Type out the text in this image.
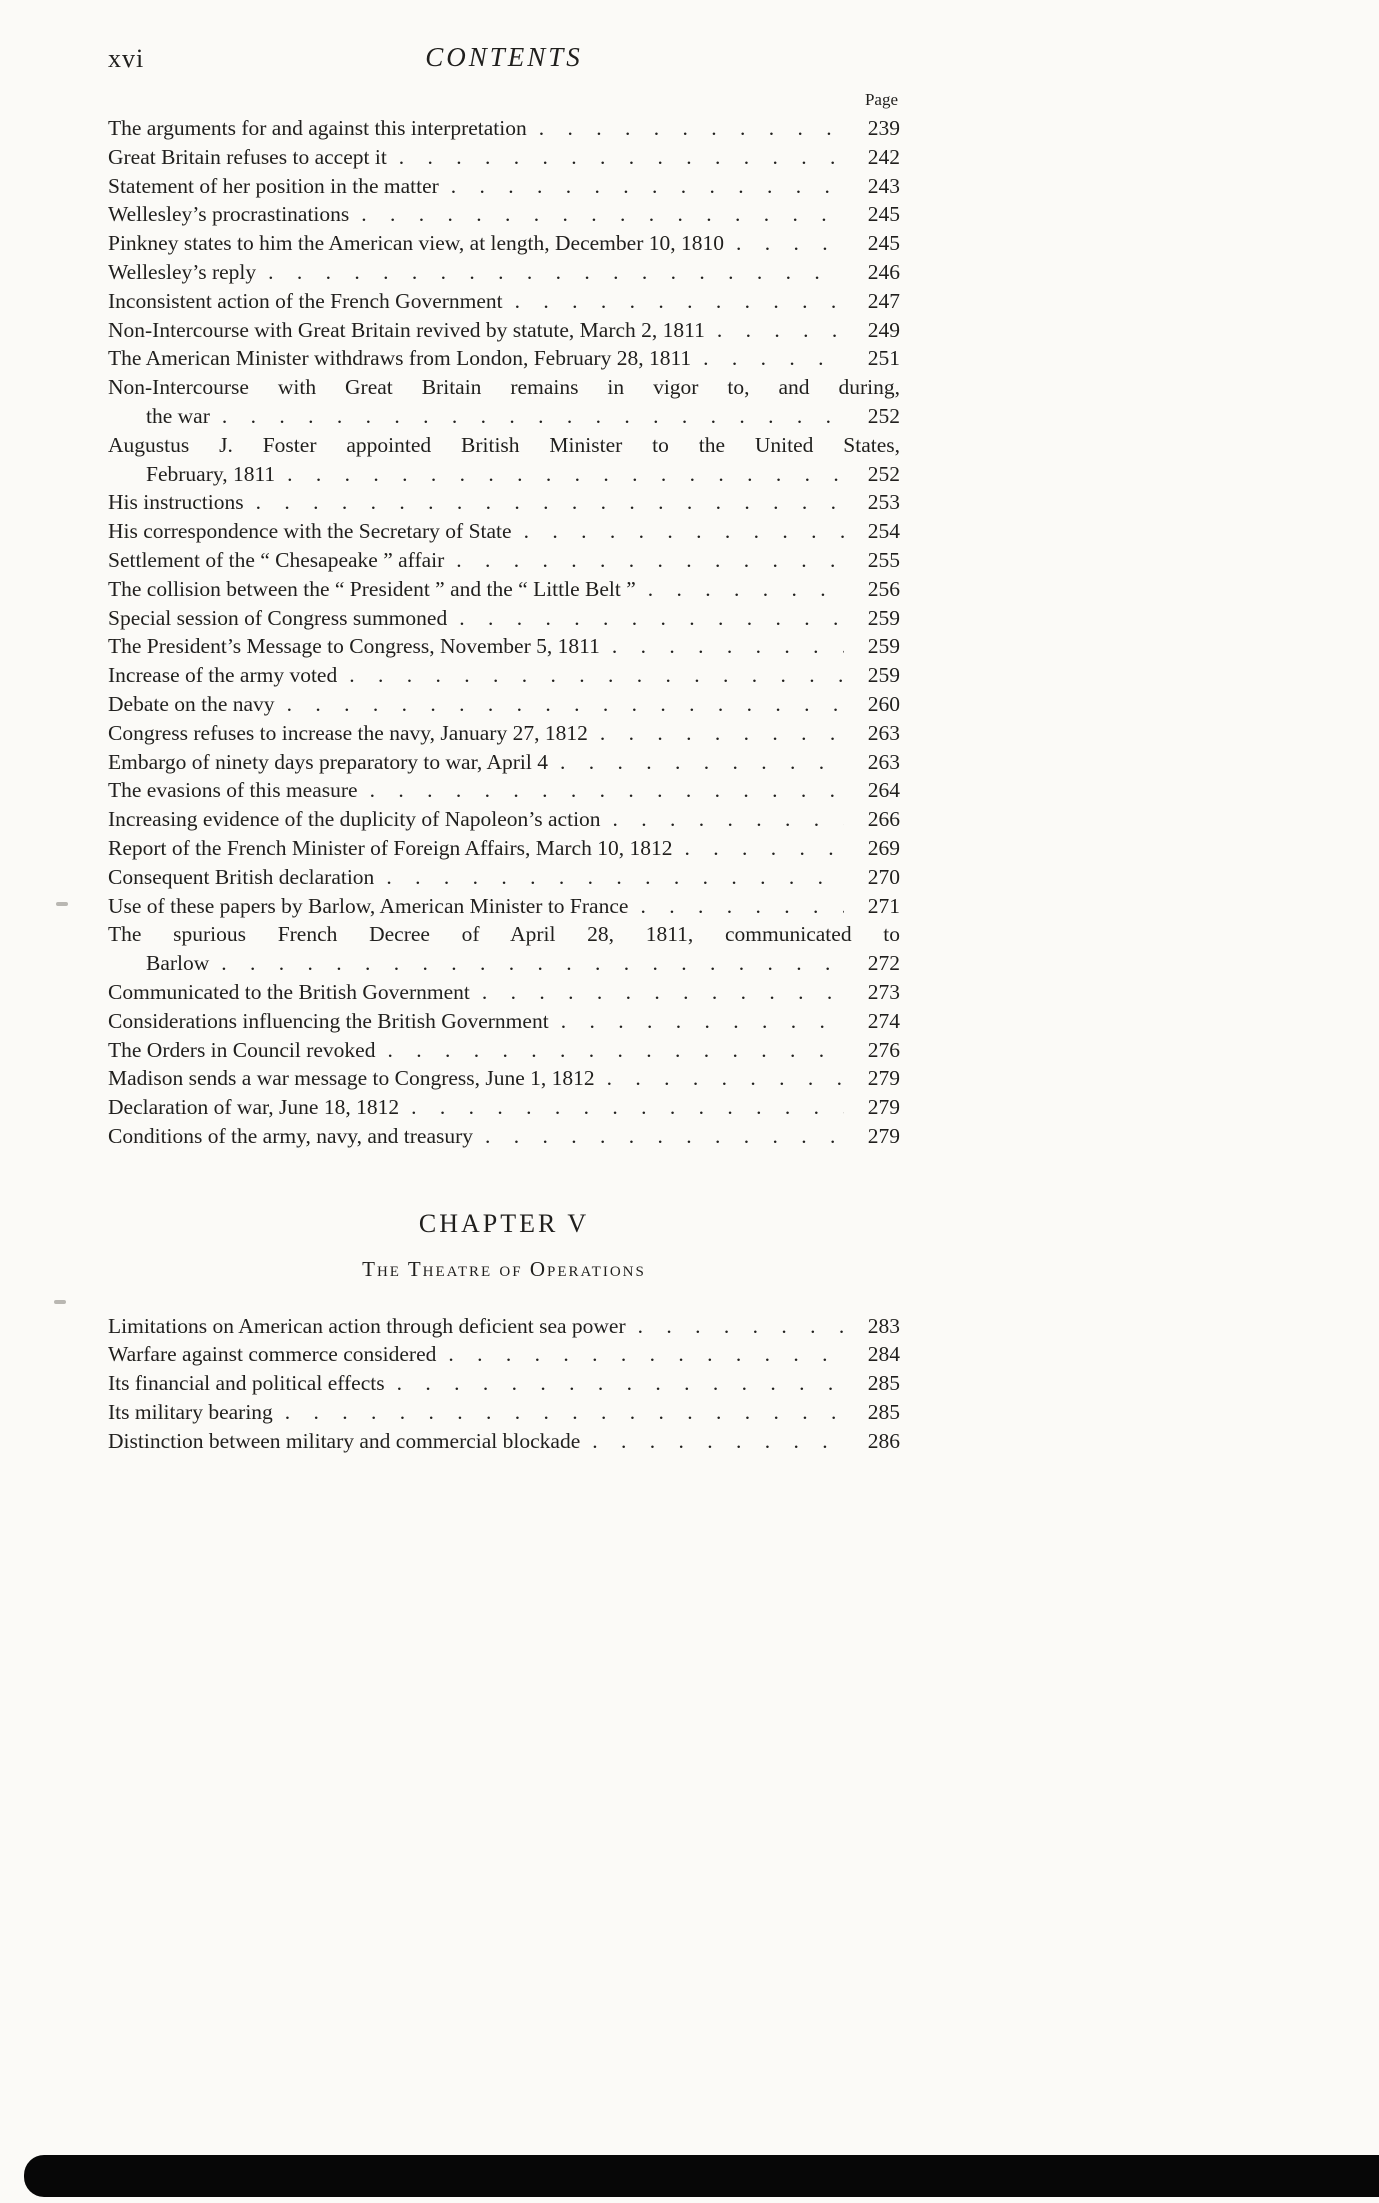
xvi	CONTENTS
Page
The arguments for and against this interpretation . . .	239
Great Britain refuses to accept it . . .	242
Statement of her position in the matter . . .	243
Wellesley’s procrastinations . . .	245
Pinkney states to him the American view, at length, December 10, 1810 . . .	245
Wellesley’s reply . . .	246
Inconsistent action of the French Government . . .	247
Non-Intercourse with Great Britain revived by statute, March 2, 1811 . . .	249
The American Minister withdraws from London, February 28, 1811 . . .	251
Non-Intercourse with Great Britain remains in vigor to, and during,
the war . . .	252
Augustus J. Foster appointed British Minister to the United States,
February, 1811 . . .	252
His instructions . . .	253
His correspondence with the Secretary of State . . .	254
Settlement of the “ Chesapeake ” affair . . .	255
The collision between the “ President ” and the “ Little Belt ” . . .	256
Special session of Congress summoned . . .	259
The President’s Message to Congress, November 5, 1811 . . .	259
Increase of the army voted . . .	259
Debate on the navy . . .	260
Congress refuses to increase the navy, January 27, 1812 . . .	263
Embargo of ninety days preparatory to war, April 4 . . .	263
The evasions of this measure . . .	264
Increasing evidence of the duplicity of Napoleon’s action . . .	266
Report of the French Minister of Foreign Affairs, March 10, 1812 . . .	269
Consequent British declaration . . .	270
Use of these papers by Barlow, American Minister to France . . .	271
The spurious French Decree of April 28, 1811, communicated to
Barlow . . .	272
Communicated to the British Government . . .	273
Considerations influencing the British Government . . .	274
The Orders in Council revoked . . .	276
Madison sends a war message to Congress, June 1, 1812 . . .	279
Declaration of war, June 18, 1812 . . .	279
Conditions of the army, navy, and treasury . . .	279
CHAPTER V
The Theatre of Operations
Limitations on American action through deficient sea power . . .	283
Warfare against commerce considered . . .	284
Its financial and political effects . . .	285
Its military bearing . . .	285
Distinction between military and commercial blockade . . .	286
